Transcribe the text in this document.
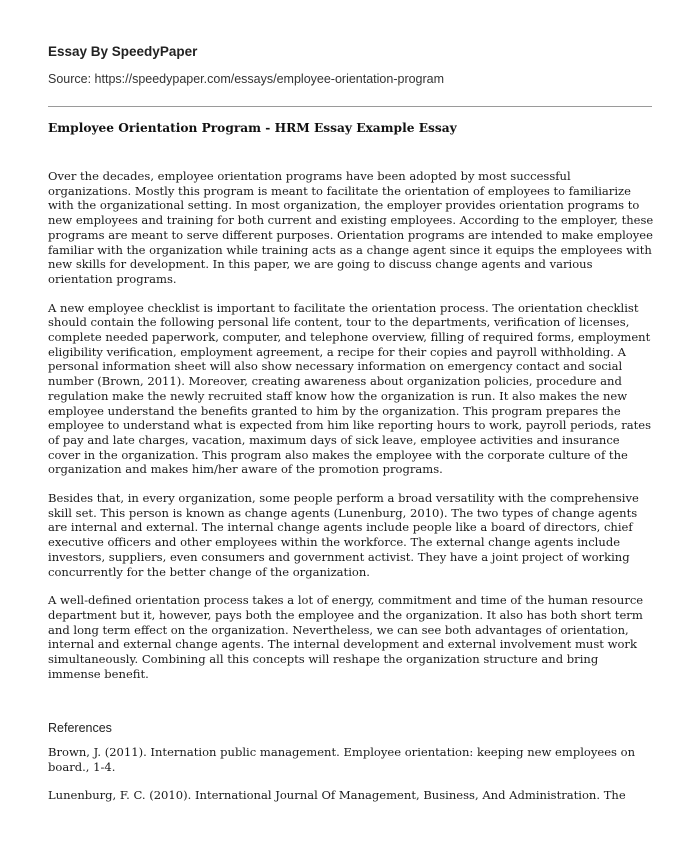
Essay By SpeedyPaper
Source: https://speedypaper.com/essays/employee-orientation-program
Employee Orientation Program - HRM Essay Example Essay

Over the decades, employee orientation programs have been adopted by most successful organizations. Mostly this program is meant to facilitate the orientation of employees to familiarize with the organizational setting. In most organization, the employer provides orientation programs to new employees and training for both current and existing employees. According to the employer, these programs are meant to serve different purposes. Orientation programs are intended to make employee familiar with the organization while training acts as a change agent since it equips the employees with new skills for development. In this paper, we are going to discuss change agents and various orientation programs.

A new employee checklist is important to facilitate the orientation process. The orientation checklist should contain the following personal life content, tour to the departments, verification of licenses, complete needed paperwork, computer, and telephone overview, filling of required forms, employment eligibility verification, employment agreement, a recipe for their copies and payroll withholding. A personal information sheet will also show necessary information on emergency contact and social number (Brown, 2011). Moreover, creating awareness about organization policies, procedure and regulation make the newly recruited staff know how the organization is run. It also makes the new employee understand the benefits granted to him by the organization. This program prepares the employee to understand what is expected from him like reporting hours to work, payroll periods, rates of pay and late charges, vacation, maximum days of sick leave, employee activities and insurance cover in the organization. This program also makes the employee with the corporate culture of the organization and makes him/her aware of the promotion programs.

Besides that, in every organization, some people perform a broad versatility with the comprehensive skill set. This person is known as change agents (Lunenburg, 2010). The two types of change agents are internal and external. The internal change agents include people like a board of directors, chief executive officers and other employees within the workforce. The external change agents include investors, suppliers, even consumers and government activist. They have a joint project of working concurrently for the better change of the organization.

A well-defined orientation process takes a lot of energy, commitment and time of the human resource department but it, however, pays both the employee and the organization. It also has both short term and long term effect on the organization. Nevertheless, we can see both advantages of orientation, internal and external change agents. The internal development and external involvement must work simultaneously. Combining all this concepts will reshape the organization structure and bring immense benefit.

References

Brown, J. (2011). Internation public management. Employee orientation: keeping new employees on board., 1-4.

Lunenburg, F. C. (2010). International Journal Of Management, Business, And Administration. The
